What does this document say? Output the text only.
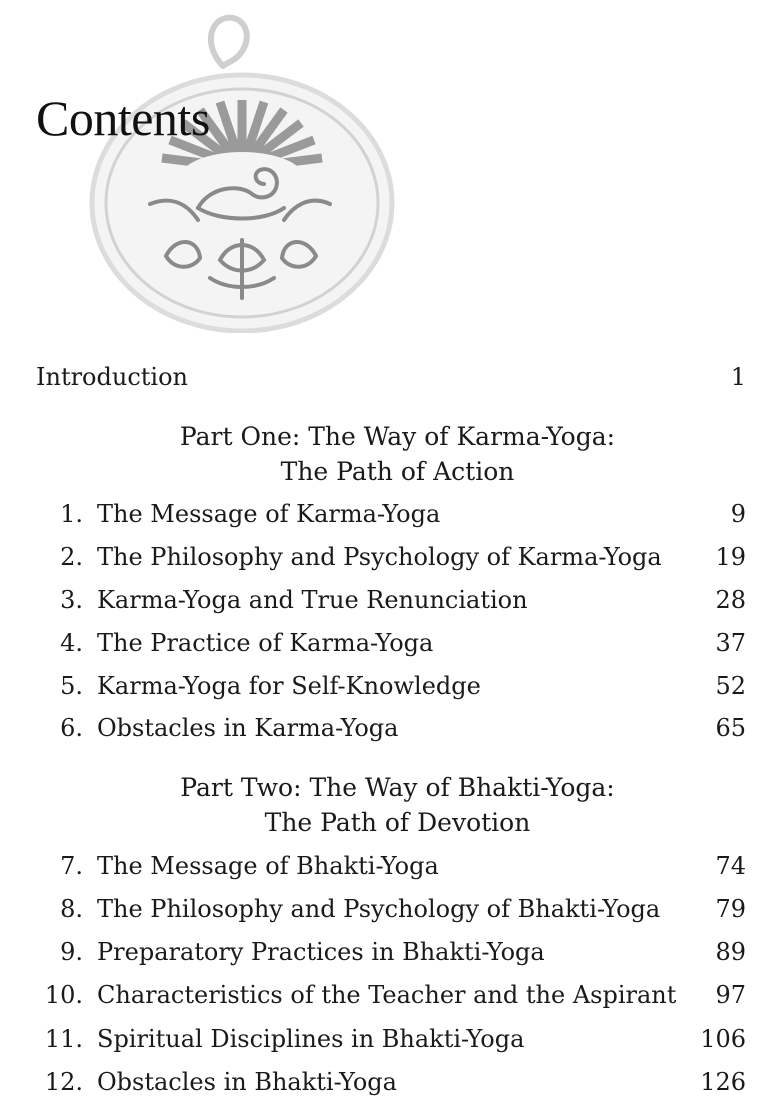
Contents
Introduction	1
Part One: The Way of Karma-Yoga:
The Path of Action
1. The Message of Karma-Yoga	9
2. The Philosophy and Psychology of Karma-Yoga 19
3. Karma-Yoga and True Renunciation	28
4. The Practice of Karma-Yoga	37
5. Karma-Yoga for Self-Knowledge	52
6. Obstacles in Karma-Yoga	65
Part Two: The Way of Bhakti-Yoga:
The Path of Devotion
7. The Message of Bhakti-Yoga	74
8. The Philosophy and Psychology of Bhakti-Yoga 79
9. Preparatory Practices in Bhakti-Yoga	89
10. Characteristics of the Teacher and the Aspirant 97
11. Spiritual Disciplines in Bhakti-Yoga	106
12. Obstacles in Bhakti-Yoga	126
